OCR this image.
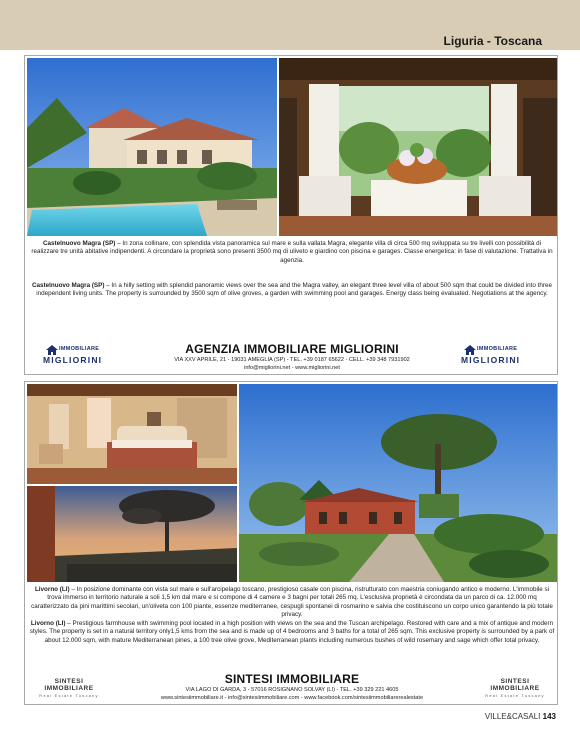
Liguria - Toscana
Castelnuovo Magra (SP) – In zona collinare, con splendida vista panoramica sul mare e sulla vallata Magra, elegante villa di circa 500 mq sviluppata su tre livelli con possibilità di realizzare tre unità abitative indipendenti. A circondare la proprietà sono presenti 3500 mq di uliveto e giardino con piscina e garages. Classe energetica: in fase di valutazione. Trattativa in agenzia.
Castelnuovo Magra (SP) – In a hilly setting with splendid panoramic views over the sea and the Magra valley, an elegant three level villa of about 500 sqm that could be divided into three independent living units. The property is surrounded by 3500 sqm of olive groves, a garden with swimming pool and garages. Energy class being evaluated. Negotiations at the agency.
IMMOBILIARE
MIGLIORINI
IMMOBILIARE
MIGLIORINI
AGENZIA IMMOBILIARE MIGLIORINI
VIA XXV APRILE, 21 - 19031 AMEGLIA (SP) - TEL. +39 0187 65622 - CELL. +39 348 7931902
info@migliorini.net - www.migliorini.net
Livorno (LI) – In posizione dominante con vista sul mare e sull'arcipelago toscano, prestigioso casale con piscina, ristrutturato con maestria coniugando antico e moderno. L'immobile si trova immerso in territorio naturale a soli 1,5 km dal mare e si compone di 4 camere e 3 bagni per totali 265 mq. L'esclusiva proprietà è circondata da un parco di ca. 12.000 mq caratterizzato da pini marittimi secolari, un'oliveta con 100 piante, essenze mediterranee, cespugli spontanei di rosmarino e salvia che costituiscono un corpo unico garantendo la più totale privacy.
Livorno (LI) – Prestigious farmhouse with swimming pool located in a high position with views on the sea and the Tuscan archipelago. Restored with care and a mix of antique and modern styles. The property is set in a natural territory only1,5 kms from the sea and is made up of 4 bedrooms and 3 baths for a total of 265 sqm. This exclusive property is surrounded by a park of about 12.000 sqm, with mature Mediterranean pines, a 100 tree olive grove, Mediterranean plants including numerous bushes of wild rosemary and sage which offer total privacy.
SINTESI IMMOBILIARE
Real Estate Tuscany
SINTESI IMMOBILIARE
Real Estate Tuscany
SINTESI IMMOBILIARE
VIA LAGO DI GARDA, 3 - 57016 ROSIGNANO SOLVAY (LI) - TEL. +39 329 221 4605
www.sintesiimmobiliare.it - info@sintesiimmobiliare.com - www.facebook.com/sintesiimmobiliarerealestate
VILLE&CASALI 143
